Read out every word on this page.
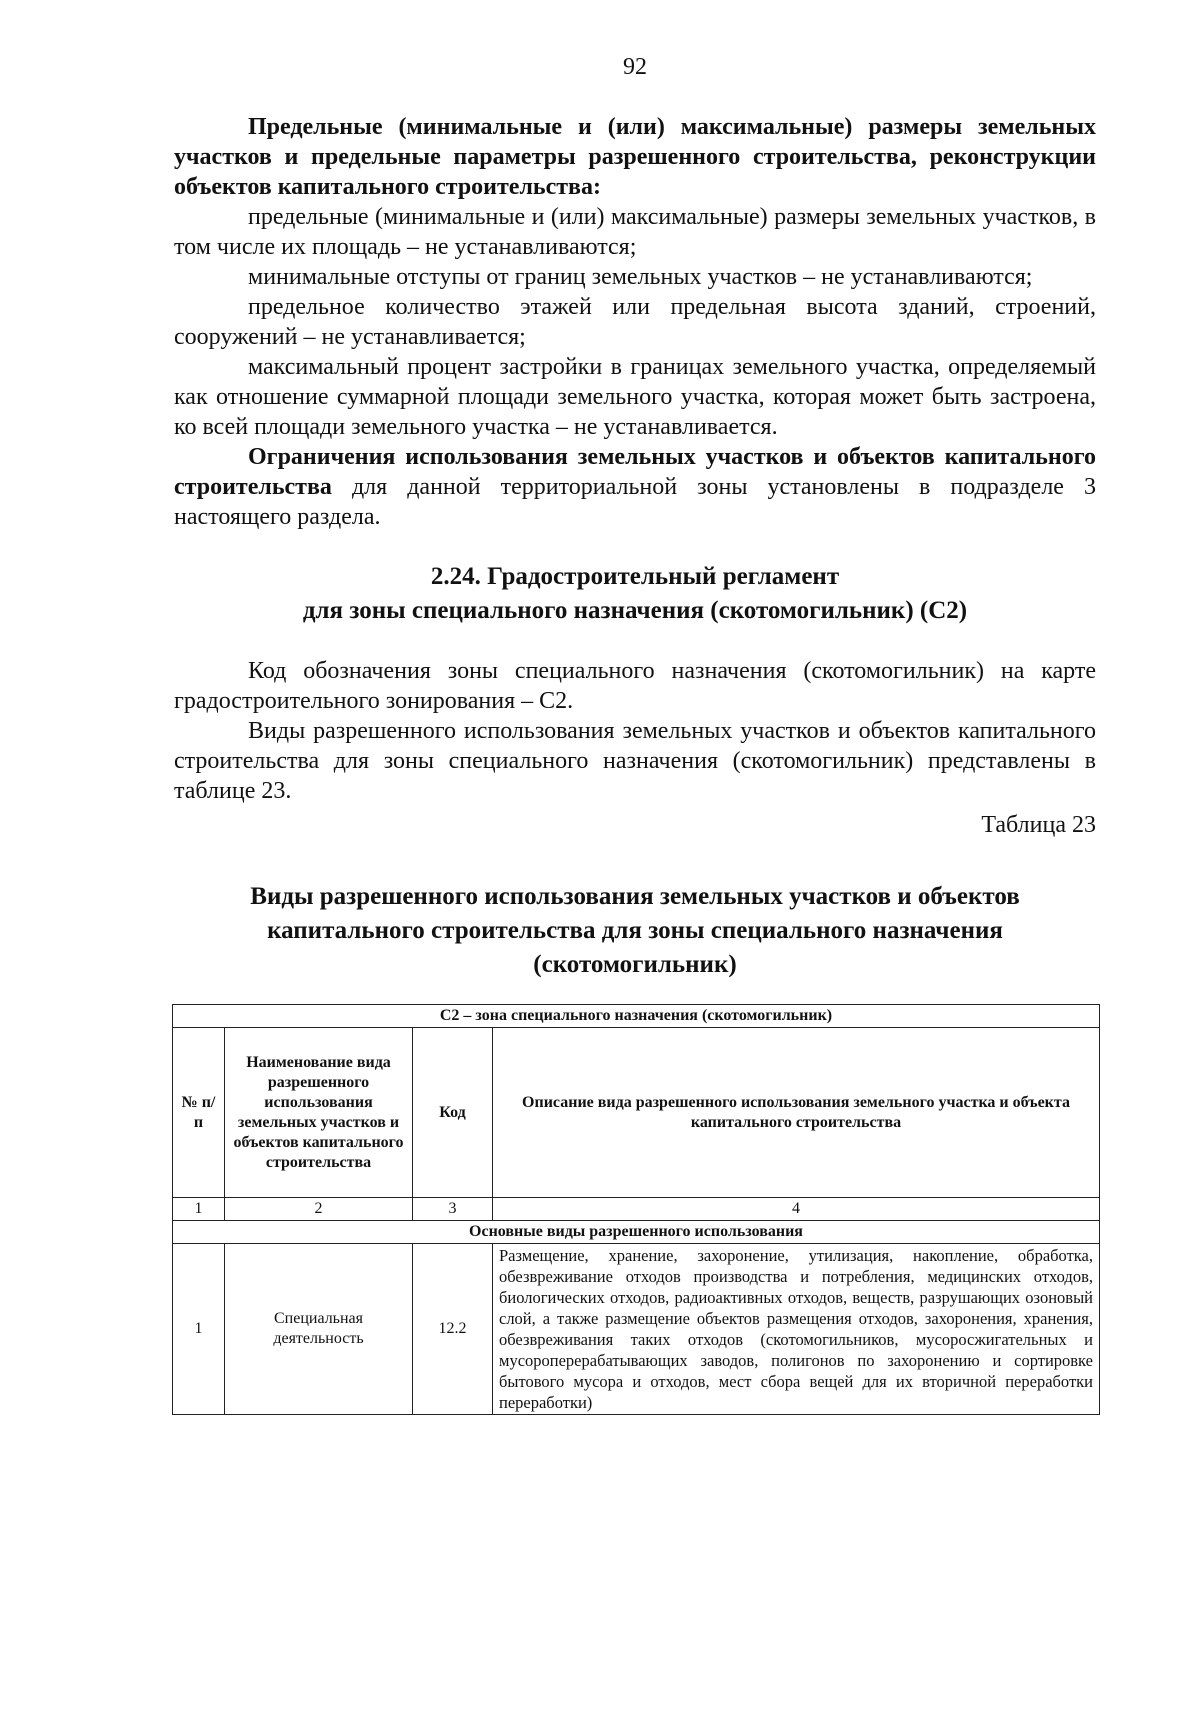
92

Предельные (минимальные и (или) максимальные) размеры земельных участков и предельные параметры разрешенного строительства, реконструкции объектов капитального строительства:

предельные (минимальные и (или) максимальные) размеры земельных участков, в том числе их площадь – не устанавливаются;

минимальные отступы от границ земельных участков – не устанавливаются;

предельное количество этажей или предельная высота зданий, строений, сооружений – не устанавливается;

максимальный процент застройки в границах земельного участка, определяемый как отношение суммарной площади земельного участка, которая может быть застроена, ко всей площади земельного участка – не устанавливается.

Ограничения использования земельных участков и объектов капитального строительства для данной территориальной зоны установлены в подразделе 3 настоящего раздела.

2.24. Градостроительный регламент
для зоны специального назначения (скотомогильник) (С2)

Код обозначения зоны специального назначения (скотомогильник) на карте градостроительного зонирования – С2.

Виды разрешенного использования земельных участков и объектов капитального строительства для зоны специального назначения (скотомогильник) представлены в таблице 23.

Таблица 23

Виды разрешенного использования земельных участков и объектов капитального строительства для зоны специального назначения (скотомогильник)
С2 – зона специального назначения (скотомогильник)			
№ п/п	Наименование вида разрешенного использования земельных участков и объектов капитального строительства	Код	Описание вида разрешенного использования земельного участка и объекта капитального строительства
1	2	3	4
Основные виды разрешенного использования			
1	Специальная деятельность	12.2	Размещение, хранение, захоронение, утилизация, накопление, обработка, обезвреживание отходов производства и потребления, медицинских отходов, биологических отходов, радиоактивных отходов, веществ, разрушающих озоновый слой, а также размещение объектов размещения отходов, захоронения, хранения, обезвреживания таких отходов (скотомогильников, мусоросжигательных и мусороперерабатывающих заводов, полигонов по захоронению и сортировке бытового мусора и отходов, мест сбора вещей для их вторичной переработки переработки)
